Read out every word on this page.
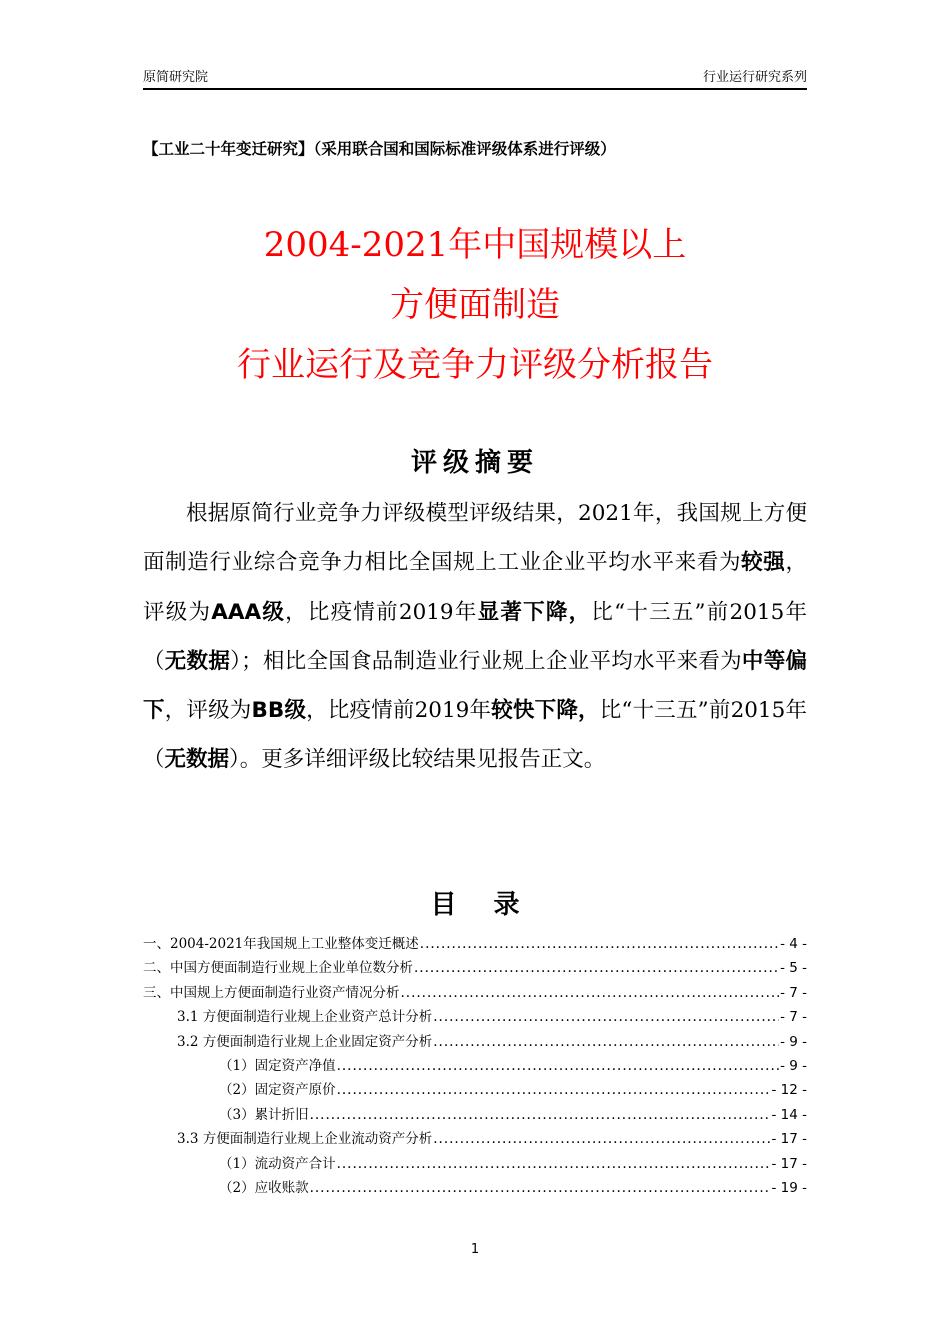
原简研究院	行业运行研究系列
【工业二十年变迁研究】（采用联合国和国际标准评级体系进行评级）
2004-2021年中国规模以上
方便面制造
行业运行及竞争力评级分析报告
评级摘要
根据原简行业竞争力评级模型评级结果，2021年，我国规上方便面制造行业综合竞争力相比全国规上工业企业平均水平来看为较强，评级为AAA级，比疫情前2019年显著下降，比“十三五”前2015年（无数据）；相比全国食品制造业行业规上企业平均水平来看为中等偏下，评级为BB级，比疫情前2019年较快下降，比“十三五”前2015年（无数据）。更多详细评级比较结果见报告正文。
目 录
一、2004-2021年我国规上工业整体变迁概述 .....	- 4 -
二、中国方便面制造行业规上企业单位数分析 .....	- 5 -
三、中国规上方便面制造行业资产情况分析 .....	- 7 -
3.1 方便面制造行业规上企业资产总计分析 .....	- 7 -
3.2 方便面制造行业规上企业固定资产分析 .....	- 9 -
（1）固定资产净值 .....	- 9 -
（2）固定资产原价 .....	- 12 -
（3）累计折旧 .....	- 14 -
3.3 方便面制造行业规上企业流动资产分析 .....	- 17 -
（1）流动资产合计 .....	- 17 -
（2）应收账款 .....	- 19 -
1
